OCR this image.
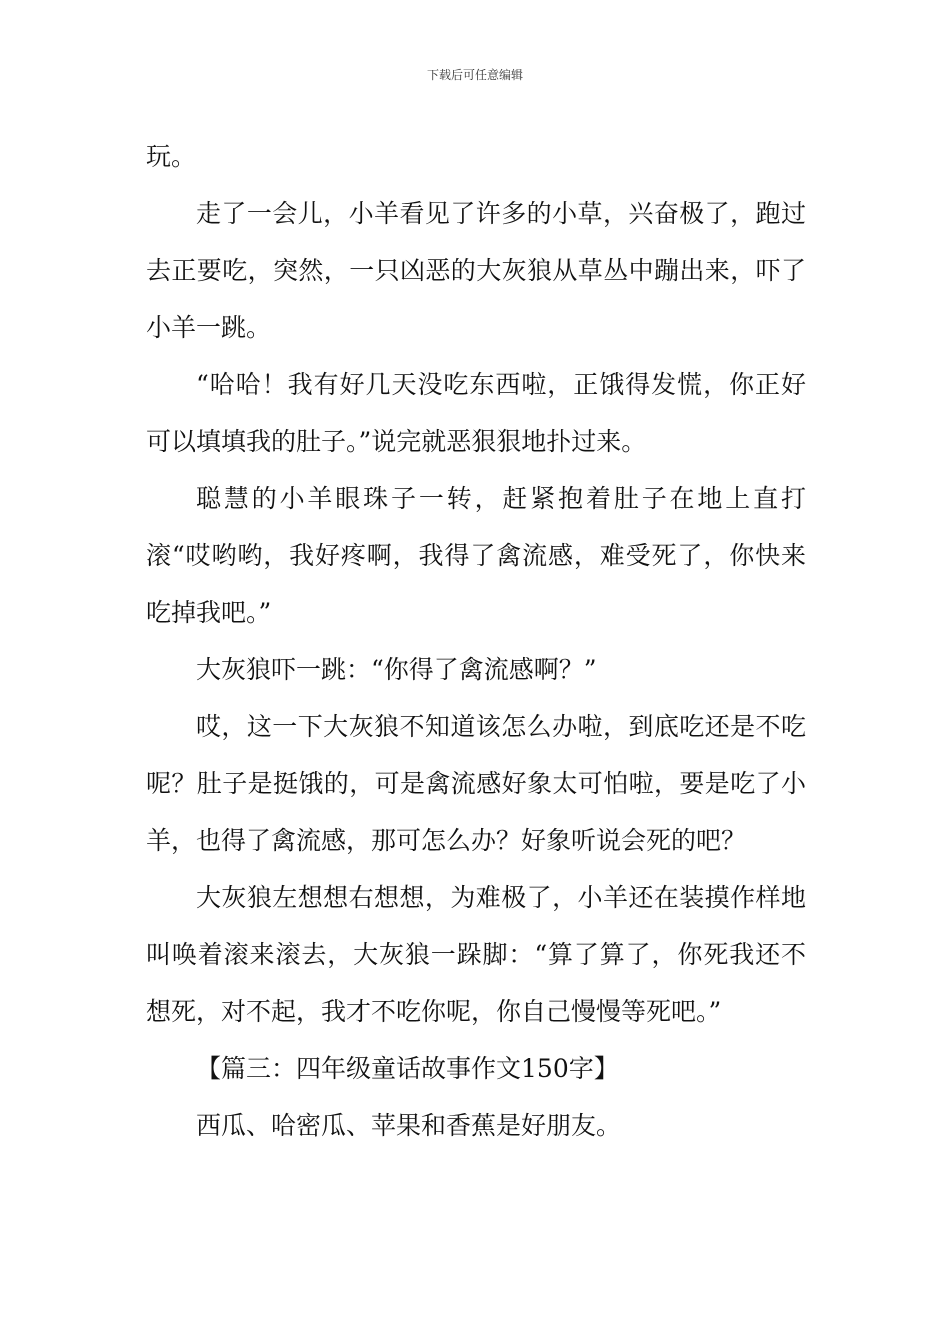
下载后可任意编辑

玩。

走了一会儿，小羊看见了许多的小草，兴奋极了，跑过去正要吃，突然，一只凶恶的大灰狼从草丛中蹦出来，吓了小羊一跳。

“哈哈！我有好几天没吃东西啦，正饿得发慌，你正好可以填填我的肚子。”说完就恶狠狠地扑过来。

聪慧的小羊眼珠子一转，赶紧抱着肚子在地上直打滚“哎哟哟，我好疼啊，我得了禽流感，难受死了，你快来吃掉我吧。”

大灰狼吓一跳：“你得了禽流感啊？”

哎，这一下大灰狼不知道该怎么办啦，到底吃还是不吃呢？肚子是挺饿的，可是禽流感好象太可怕啦，要是吃了小羊，也得了禽流感，那可怎么办？好象听说会死的吧？

大灰狼左想想右想想，为难极了，小羊还在装摸作样地叫唤着滚来滚去，大灰狼一跺脚：“算了算了，你死我还不想死，对不起，我才不吃你呢，你自己慢慢等死吧。”

【篇三：四年级童话故事作文150字】

西瓜、哈密瓜、苹果和香蕉是好朋友。
